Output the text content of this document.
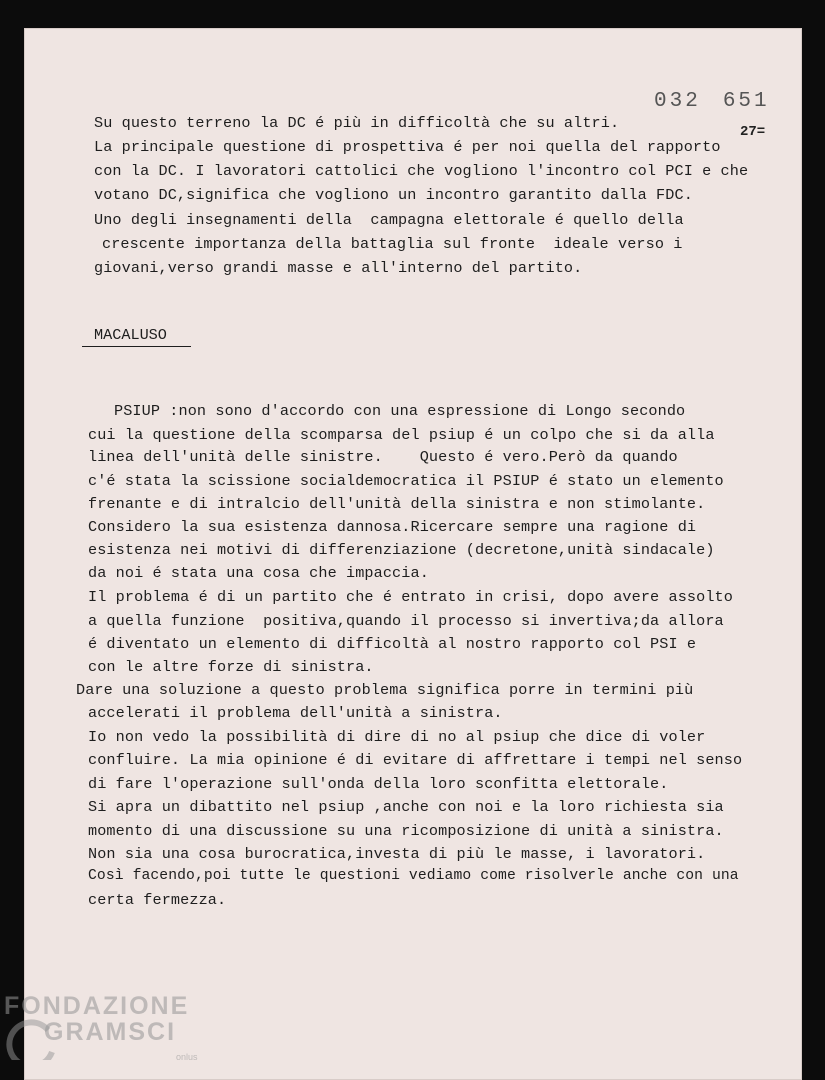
032 651
27=
Su questo terreno la DC é più in difficoltà che su altri.
La principale questione di prospettiva é per noi quella del rapporto
con la DC. I lavoratori cattolici che vogliono l'incontro col PCI e che
votano DC,significa che vogliono un incontro garantito dalla FDC.
Uno degli insegnamenti della  campagna elettorale é quello della
crescente importanza della battaglia sul fronte  ideale verso i
giovani,verso grandi masse e all'interno del partito.
MACALUSO
PSIUP :non sono d'accordo con una espressione di Longo secondo
cui la questione della scomparsa del psiup é un colpo che si da alla
linea dell'unità delle sinistre.    Questo é vero.Però da quando
c'é stata la scissione socialdemocratica il PSIUP é stato un elemento
frenante e di intralcio dell'unità della sinistra e non stimolante.
Considero la sua esistenza dannosa.Ricercare sempre una ragione di
esistenza nei motivi di differenziazione (decretone,unità sindacale)
da noi é stata una cosa che impaccia.
Il problema é di un partito che é entrato in crisi, dopo avere assolto
a quella funzione  positiva,quando il processo si invertiva;da allora
é diventato un elemento di difficoltà al nostro rapporto col PSI e
con le altre forze di sinistra.
Dare una soluzione a questo problema significa porre in termini più
accelerati il problema dell'unità a sinistra.
Io non vedo la possibilità di dire di no al psiup che dice di voler
confluire. La mia opinione é di evitare di affrettare i tempi nel senso
di fare l'operazione sull'onda della loro sconfitta elettorale.
Si apra un dibattito nel psiup ,anche con noi e la loro richiesta sia
momento di una discussione su una ricomposizione di unità a sinistra.
Non sia una cosa burocratica,investa di più le masse, i lavoratori.
Così facendo,poi tutte le questioni vediamo come risolverle anche con una
certa fermezza.
FONDAZIONE
GRAMSCI
onlus
